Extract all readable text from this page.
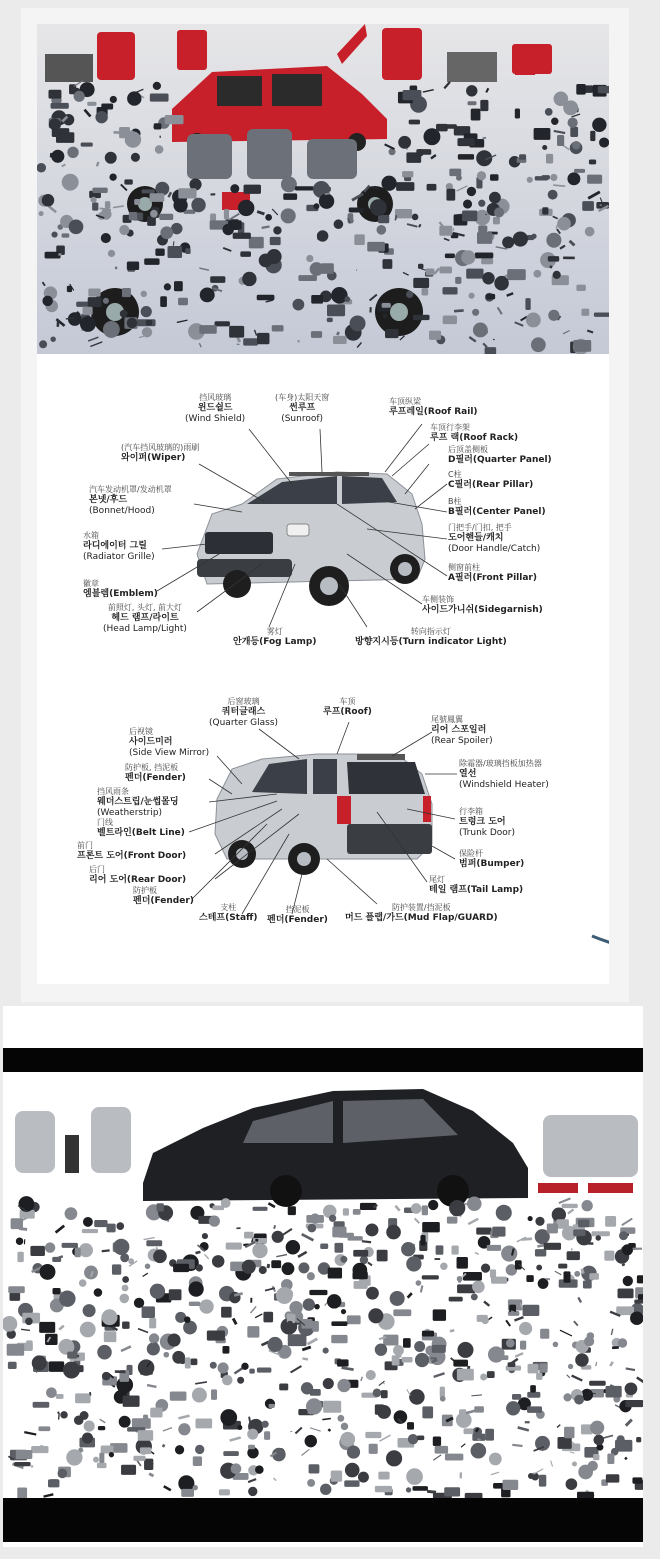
挡风玻璃
윈드쉴드
(Wind Shield)
(车身)太阳天窗
썬루프
(Sunroof)
车顶纵梁
루프레일(Roof Rail)
车顶行李架
루프 랙(Roof Rack)
后顶盖侧板
D필러(Quarter Panel)
C柱
C필러(Rear Pillar)
B柱
B필러(Center Panel)
门把手/门扣, 把手
도어핸들/캐치
(Door Handle/Catch)
侧窗前柱
A필러(Front Pillar)
车侧装饰
사이드가니쉬(Sidegarnish)
(汽车挡风玻璃的)雨刷
와이퍼(Wiper)
汽车发动机罩/发动机罩
본넷/후드
(Bonnet/Hood)
水箱
라디에이터 그릴
(Radiator Grille)
徽章
엠블렘(Emblem)
前照灯, 头灯, 前大灯
헤드 램프/라이트
(Head Lamp/Light)	雾灯
안개등(Fog Lamp)
转向指示灯
방향지시등(Turn indicator Light)
后窗玻璃
쿼터글래스
(Quarter Glass)
车顶
루프(Roof)
尾號鳳翼
리어 스포일러
(Rear Spoiler)
后视镜
사이드미러
(Side View Mirror)
防护板, 挡泥板
펜더(Fender)
挡风雨条
웨더스트립/눈썹몰딩
(Weatherstrip)
门线
벨트라인(Belt Line)
前门
프론트 도어(Front Door)
后门
리어 도어(Rear Door)
防护板
펜더(Fender)
支柱
스테프(Staff)
挡泥板
펜더(Fender)
防护装置/挡泥板
머드 플랩/가드(Mud Flap/GUARD)
除霜器/玻璃挡板加热器
열선
(Windshield Heater)
行李箱
트렁크 도어
(Trunk Door)
保险杆
범퍼(Bumper)
尾灯
테일 램프(Tail Lamp)
